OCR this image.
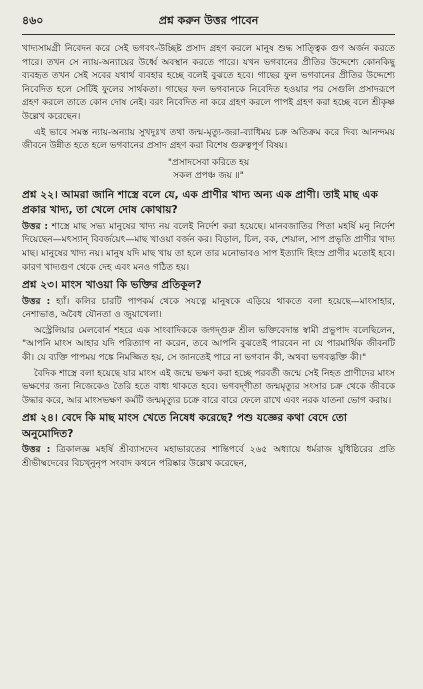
৪৬০	প্রশ্ন করুন উত্তর পাবেন

খাদ্যসামগ্রী নিবেদন করে সেই ভগবৎ-উচ্ছিষ্ট প্রসাদ গ্রহণ করলে মানুষ শুদ্ধ সাত্ত্বিক গুণ অর্জন করতে পারে। তখন সে ন্যায়-অন্যায়ের উর্ধ্বে অবস্থান করতে পারে। যখন ভগবানের প্রীতির উদ্দেশ্যে কোনকিছু ব্যবহৃত তখন সেই সবের যথার্থ ব্যবহার হচ্ছে বলেই বুঝতে হবে। গাছের ফুল ভগবানের প্রীতির উদ্দেশ্যে নিবেদিত হলে সেটিই ফুলের সার্থকতা। গাছের ফল ভগবানকে নিবেদিত হওয়ার পর সেগুলি প্রসাদরূপে গ্রহণ করলে তাতে কোন দোষ নেই। বরং নিবেদিত না করে গ্রহণ করলে পাপই গ্রহণ করা হচ্ছে বলে শ্রীকৃষ্ণ উল্লেখ করেছেন।

এই ভাবে সমস্ত ন্যায়-অন্যায় সুখদুঃখ তথা জন্ম-মৃত্যু-জরা-ব্যাধিময় চক্র অতিক্রম করে দিব্য আনন্দময় জীবনে উন্নীত হতে হলে ভগবানের প্রসাদ গ্রহণ করা বিশেষ গুরুত্বপূর্ণ বিষয়।

"প্রসাদসেবা করিতে হয়
সকল প্রপঞ্চ জয় ॥"

প্রশ্ন ২২। আমরা জানি শাস্ত্রে বলে যে, এক প্রাণীর খাদ্য অন্য এক প্রাণী। তাই মাছ এক প্রকার খাদ্য, তা খেলে দোষ কোথায়?

উত্তর : শাস্ত্রে মাছ সভ্য মানুষের খাদ্য নয় বলেই নির্দেশ করা হয়েছে। মানবজাতির পিতা মহর্ষি মনু নির্দেশ দিয়েছেন—মৎস্যান্‌ বিবর্জয়েৎ—মাছ খাওয়া বর্জন কর। বিড়াল, চিল, বক, শেয়াল, সাপ প্রভৃতি প্রাণীর খাদ্য মাছ। মানুষের খাদ্য নয়। মানুষ যদি মাছ খায় তা হলে তার মনোভাবও সাপ ইত্যাদি হিংস্র প্রাণীর মতোই হবে। কারণ খাদ্যগুণ থেকে দেহ এবং মনও গঠিত হয়।

প্রশ্ন ২৩। মাংস খাওয়া কি ভক্তির প্রতিকূল?

উত্তর : হ্যাঁ। কলির চারটি পাপকর্ম থেকে সযত্নে মানুষকে এড়িয়ে থাকতে বলা হয়েছে—মাংসাহার, নেশাভাঙ, অবৈধ যৌনতা ও জুয়াখেলা।

অস্ট্রেলিয়ার মেলবোর্ন শহরে এক সাংবাদিককে জগদ্‌গুরু শ্রীল ভক্তিবেদান্ত স্বামী প্রভুপাদ বলেছিলেন, "আপনি মাংস আহার যদি পরিত্যাগ না করেন, তবে আপনি বুঝতেই পারবেন না যে পারমার্থিক জীবনটি কী। যে ব্যক্তি পাপময় পঙ্কে নিমজ্জিত হয়, সে জানতেই পারে না ভগবান কী, অথবা ভগবদ্ভক্তি কী।"

বৈদিক শাস্ত্রে বলা হয়েছে যার মাংস এই জন্মে ভক্ষণ করা হচ্ছে পরবর্তী জন্মে সেই নিহত প্রাণীদের মাংস ভক্ষণের জন্য নিজেকেও তৈরি হতে বাধ্য থাকতে হবে। ভগবদ্‌গীতা জন্মমৃত্যুর সংসার চক্র থেকে জীবকে উদ্ধার করে, আর মাংসভক্ষণ কর্মটি জন্মমৃত্যুর চক্রে বারে বারে ফেলে রাখে এবং নরক যাতনা ভোগ করায়।

প্রশ্ন ২৪। বেদে কি মাছ মাংস খেতে নিষেধ করেছে? পশু যজ্ঞের কথা বেদে তো অনুমোদিত?

উত্তর : ত্রিকালজ্ঞ মহর্ষি শ্রীব্যাসদেব মহাভারতের শান্তিপর্বে ২৬৫ অধ্যায়ে ধর্মরাজ যুধিষ্ঠিরের প্রতি শ্রীভীষ্মদেবের বিচখ্নুনৃপ সংবাদ কথনে পরিষ্কার উল্লেখ করেছেন,
